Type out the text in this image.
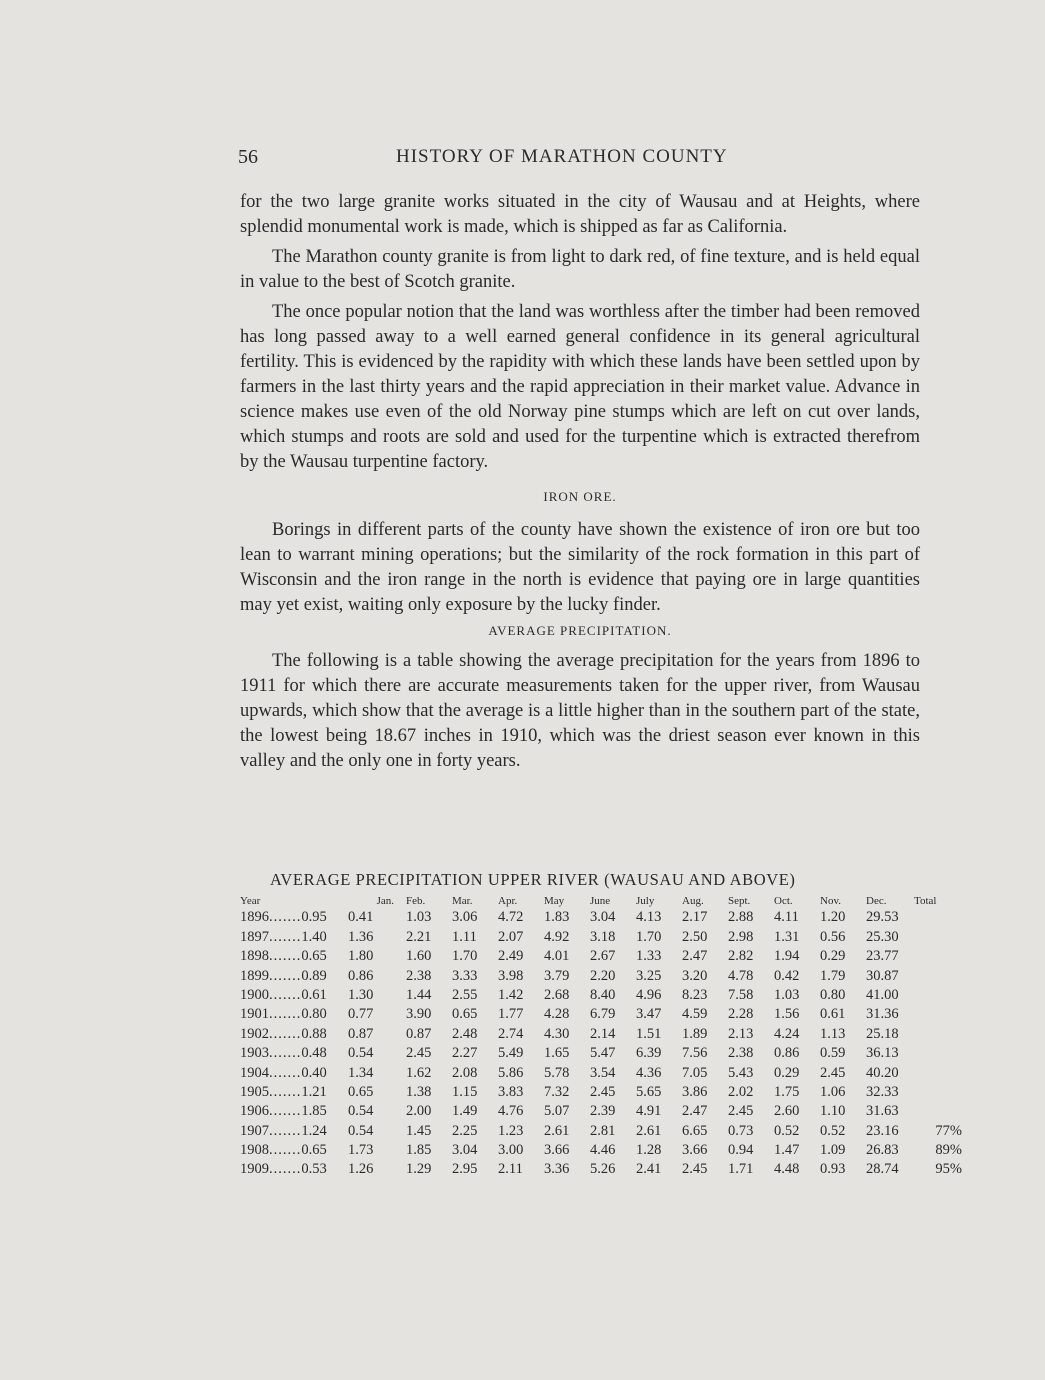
56	HISTORY OF MARATHON COUNTY

for the two large granite works situated in the city of Wausau and at Heights, where splendid monumental work is made, which is shipped as far as California.

The Marathon county granite is from light to dark red, of fine texture, and is held equal in value to the best of Scotch granite.

The once popular notion that the land was worthless after the timber had been removed has long passed away to a well earned general confidence in its general agricultural fertility. This is evidenced by the rapidity with which these lands have been settled upon by farmers in the last thirty years and the rapid appreciation in their market value. Advance in science makes use even of the old Norway pine stumps which are left on cut over lands, which stumps and roots are sold and used for the turpentine which is extracted therefrom by the Wausau turpentine factory.

IRON ORE.

Borings in different parts of the county have shown the existence of iron ore but too lean to warrant mining operations; but the similarity of the rock formation in this part of Wisconsin and the iron range in the north is evidence that paying ore in large quantities may yet exist, waiting only exposure by the lucky finder.

AVERAGE PRECIPITATION.

The following is a table showing the average precipitation for the years from 1896 to 1911 for which there are accurate measurements taken for the upper river, from Wausau upwards, which show that the average is a little higher than in the southern part of the state, the lowest being 18.67 inches in 1910, which was the driest season ever known in this valley and the only one in forty years.

AVERAGE PRECIPITATION UPPER RIVER (WAUSAU AND ABOVE)
Year	Jan.	Feb.	Mar.	Apr.	May	June	July	Aug.	Sept.	Oct.	Nov.	Dec.	Total	
1896.......0.95	0.41	1.03	3.06	4.72	1.83	3.04	4.13	2.17	2.88	4.11	1.20	29.53		
1897.......1.40	1.36	2.21	1.11	2.07	4.92	3.18	1.70	2.50	2.98	1.31	0.56	25.30		
1898.......0.65	1.80	1.60	1.70	2.49	4.01	2.67	1.33	2.47	2.82	1.94	0.29	23.77		
1899.......0.89	0.86	2.38	3.33	3.98	3.79	2.20	3.25	3.20	4.78	0.42	1.79	30.87		
1900.......0.61	1.30	1.44	2.55	1.42	2.68	8.40	4.96	8.23	7.58	1.03	0.80	41.00		
1901.......0.80	0.77	3.90	0.65	1.77	4.28	6.79	3.47	4.59	2.28	1.56	0.61	31.36		
1902.......0.88	0.87	0.87	2.48	2.74	4.30	2.14	1.51	1.89	2.13	4.24	1.13	25.18		
1903.......0.48	0.54	2.45	2.27	5.49	1.65	5.47	6.39	7.56	2.38	0.86	0.59	36.13		
1904.......0.40	1.34	1.62	2.08	5.86	5.78	3.54	4.36	7.05	5.43	0.29	2.45	40.20		
1905.......1.21	0.65	1.38	1.15	3.83	7.32	2.45	5.65	3.86	2.02	1.75	1.06	32.33		
1906.......1.85	0.54	2.00	1.49	4.76	5.07	2.39	4.91	2.47	2.45	2.60	1.10	31.63		
1907.......1.24	0.54	1.45	2.25	1.23	2.61	2.81	2.61	6.65	0.73	0.52	0.52	23.16	77%	
1908.......0.65	1.73	1.85	3.04	3.00	3.66	4.46	1.28	3.66	0.94	1.47	1.09	26.83	89%	
1909.......0.53	1.26	1.29	2.95	2.11	3.36	5.26	2.41	2.45	1.71	4.48	0.93	28.74	95%	
